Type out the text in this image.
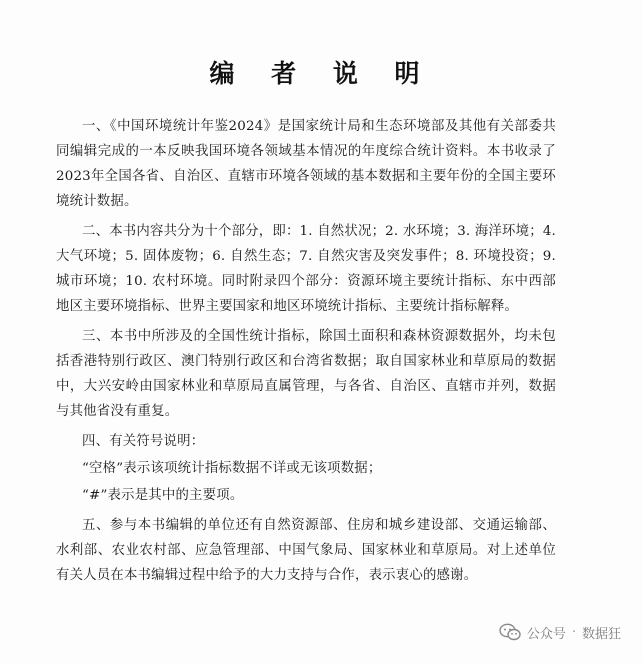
编 者 说 明

一、《中国环境统计年鉴2024》是国家统计局和生态环境部及其他有关部委共同编辑完成的一本反映我国环境各领域基本情况的年度综合统计资料。本书收录了2023年全国各省、自治区、直辖市环境各领域的基本数据和主要年份的全国主要环境统计数据。

二、本书内容共分为十个部分，即：1. 自然状况；2. 水环境；3. 海洋环境；4. 大气环境；5. 固体废物；6. 自然生态；7. 自然灾害及突发事件；8. 环境投资；9. 城市环境；10. 农村环境。同时附录四个部分：资源环境主要统计指标、东中西部地区主要环境指标、世界主要国家和地区环境统计指标、主要统计指标解释。

三、本书中所涉及的全国性统计指标，除国土面积和森林资源数据外，均未包括香港特别行政区、澳门特别行政区和台湾省数据；取自国家林业和草原局的数据中，大兴安岭由国家林业和草原局直属管理，与各省、自治区、直辖市并列，数据与其他省没有重复。

四、有关符号说明：

“空格”表示该项统计指标数据不详或无该项数据；

“#”表示是其中的主要项。

五、参与本书编辑的单位还有自然资源部、住房和城乡建设部、交通运输部、水利部、农业农村部、应急管理部、中国气象局、国家林业和草原局。对上述单位有关人员在本书编辑过程中给予的大力支持与合作，表示衷心的感谢。

公众号 · 数据狂
